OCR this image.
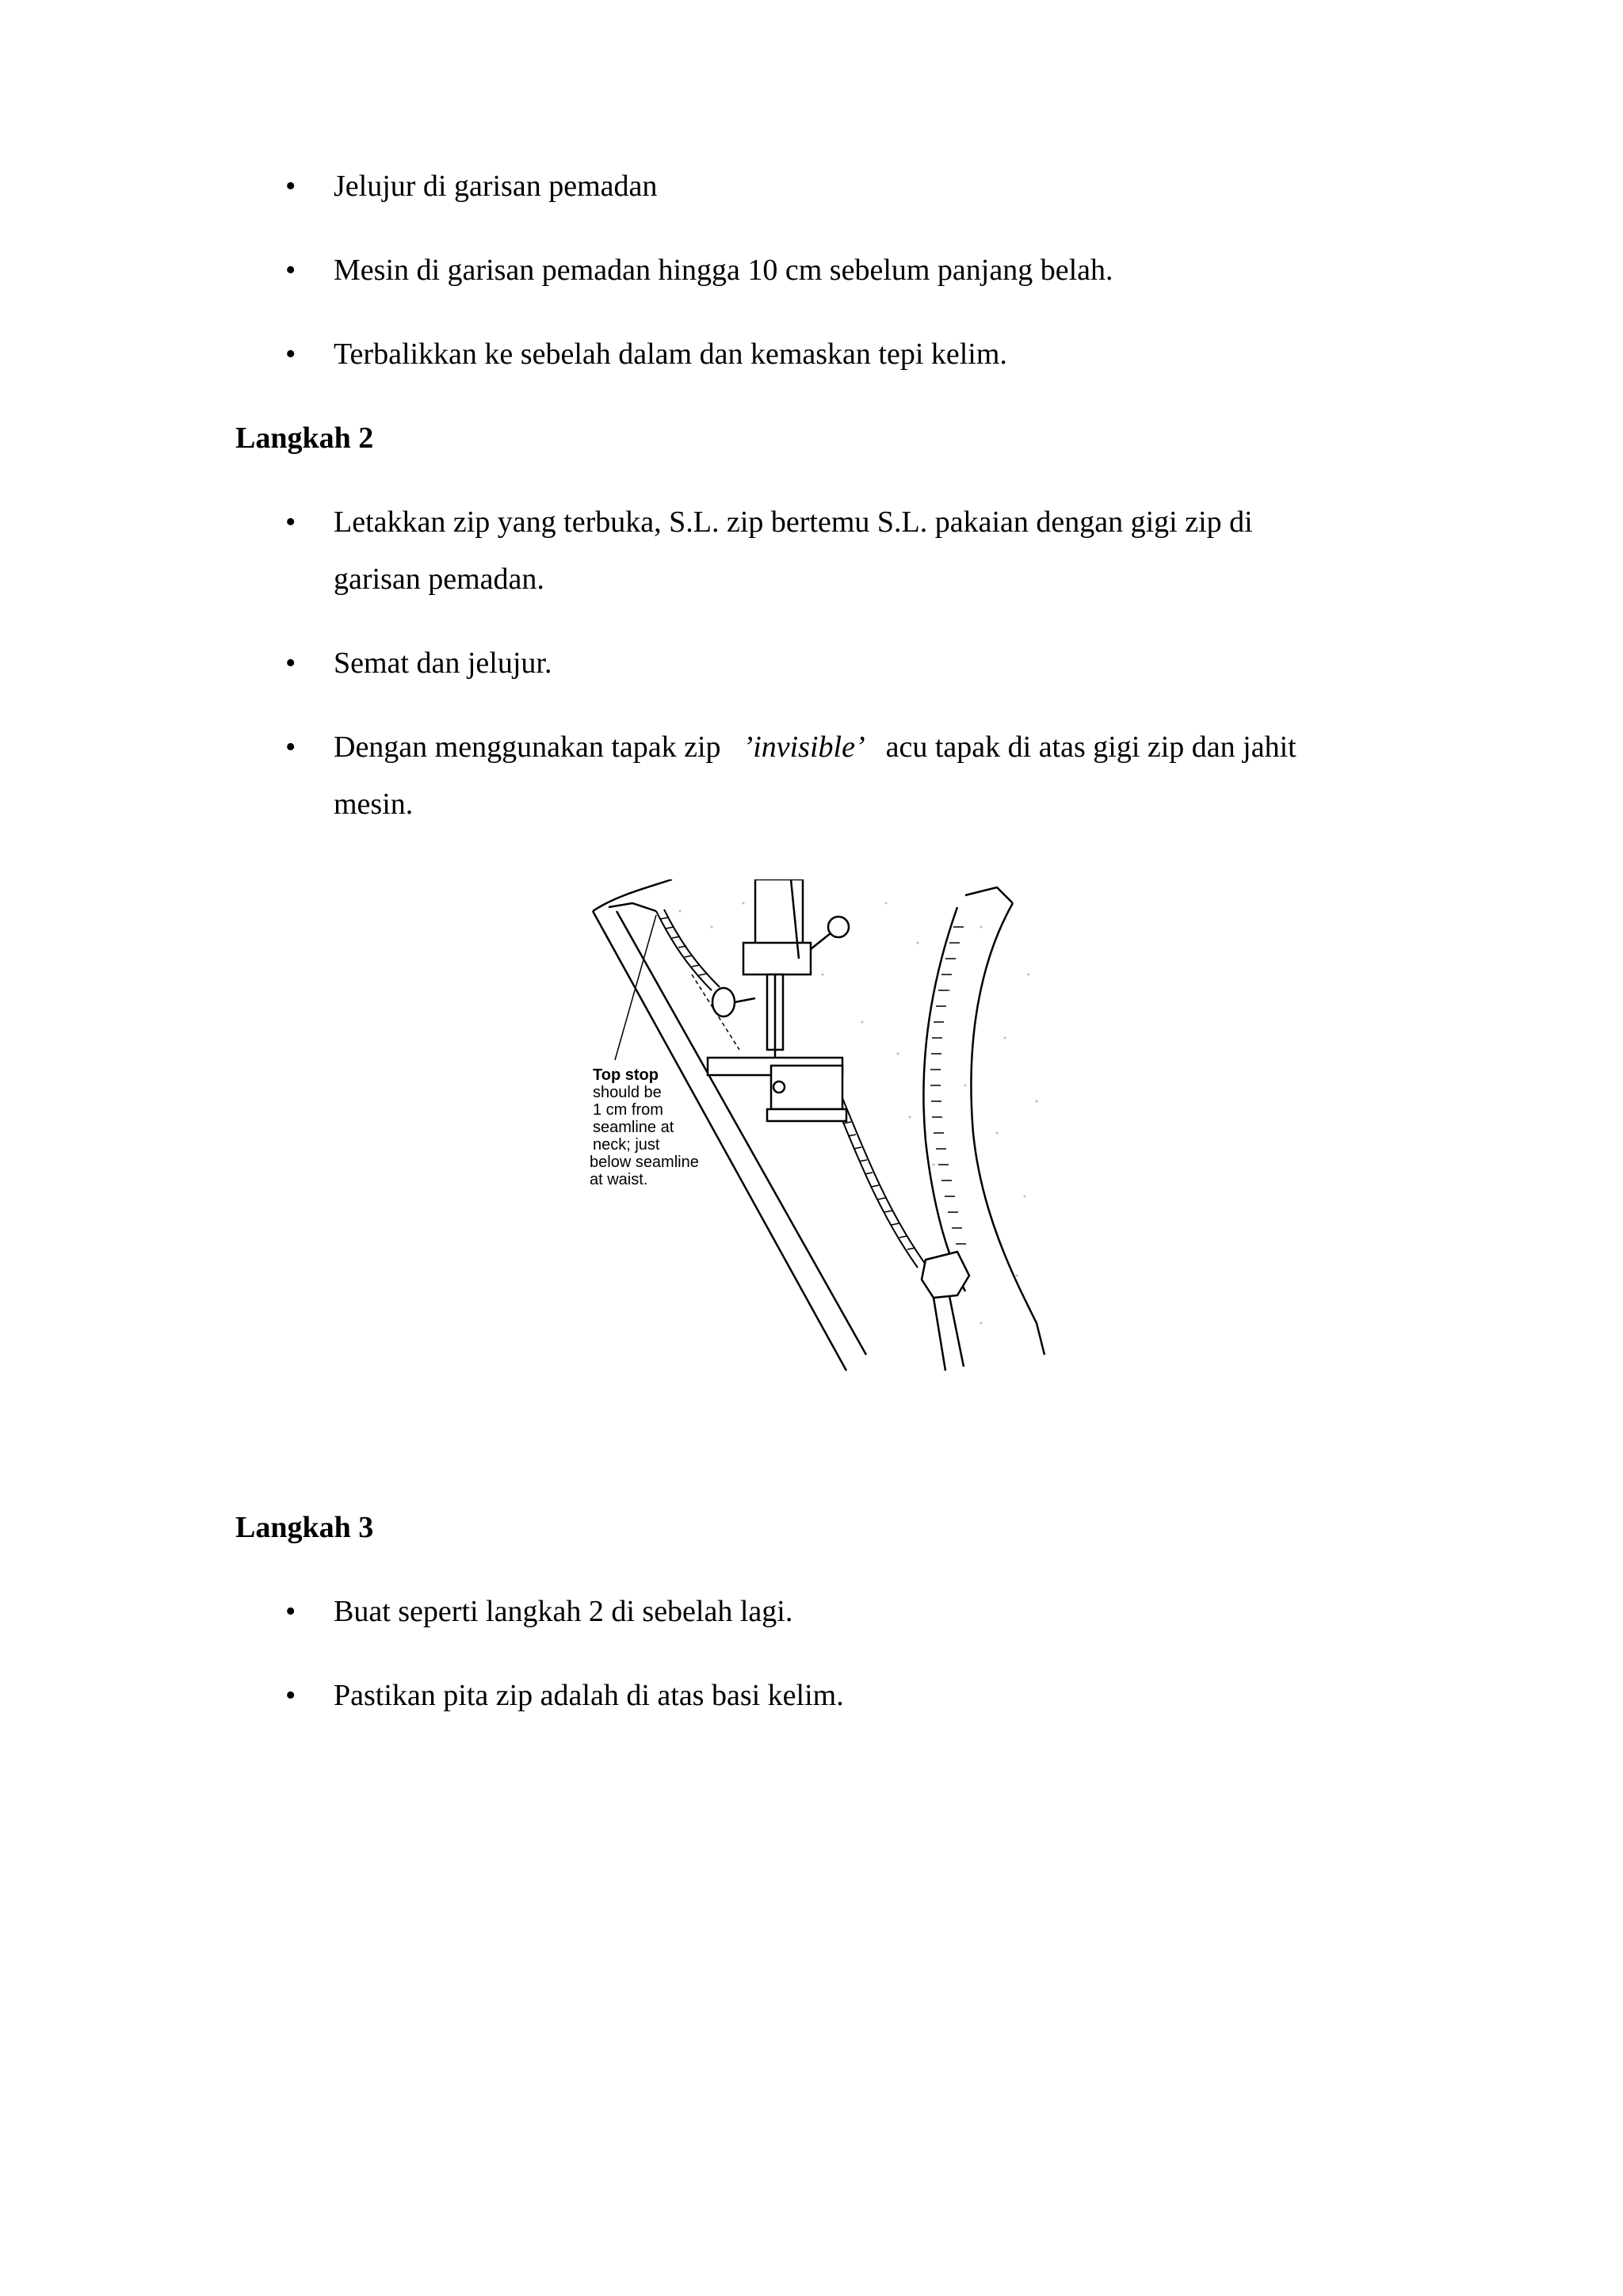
• Jelujur di garisan pemadan
• Mesin di garisan pemadan hingga 10 cm sebelum panjang belah.
• Terbalikkan ke sebelah dalam dan kemaskan tepi kelim.
Langkah 2
• Letakkan zip yang terbuka, S.L. zip bertemu S.L. pakaian dengan gigi zip di
garisan pemadan.
• Semat dan jelujur.
• Dengan menggunakan tapak zip ’invisible’ acu tapak di atas gigi zip dan jahit
mesin.
Top stop
should be
1 cm from
seamline at
neck; just
below seamline
at waist.
Langkah 3
• Buat seperti langkah 2 di sebelah lagi.
• Pastikan pita zip adalah di atas basi kelim.
